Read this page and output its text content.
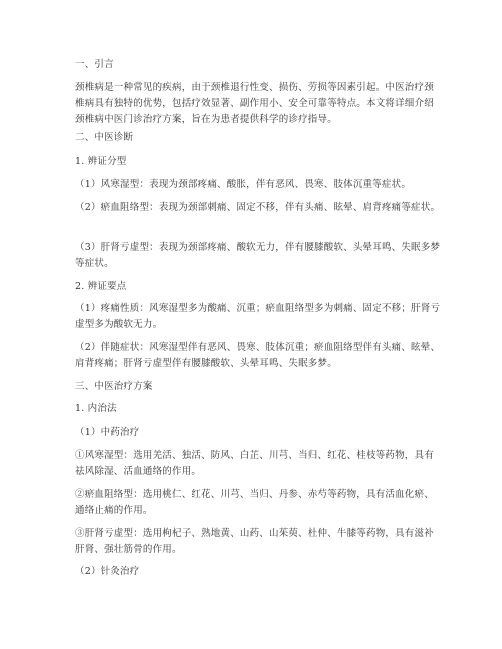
一、引言
颈椎病是一种常见的疾病，由于颈椎退行性变、损伤、劳损等因素引起。中医治疗颈椎病具有独特的优势，包括疗效显著、副作用小、安全可靠等特点。本文将详细介绍颈椎病中医门诊治疗方案，旨在为患者提供科学的诊疗指导。
二、中医诊断
1. 辨证分型
（1）风寒湿型：表现为颈部疼痛、酸胀，伴有恶风、畏寒、肢体沉重等症状。
（2）瘀血阻络型：表现为颈部刺痛、固定不移，伴有头痛、眩晕、肩背疼痛等症状。
（3）肝肾亏虚型：表现为颈部疼痛、酸软无力，伴有腰膝酸软、头晕耳鸣、失眠多梦等症状。
2. 辨证要点
（1）疼痛性质：风寒湿型多为酸痛、沉重；瘀血阻络型多为刺痛、固定不移；肝肾亏虚型多为酸软无力。
（2）伴随症状：风寒湿型伴有恶风、畏寒、肢体沉重；瘀血阻络型伴有头痛、眩晕、肩背疼痛；肝肾亏虚型伴有腰膝酸软、头晕耳鸣、失眠多梦。
三、中医治疗方案
1. 内治法
（1）中药治疗
①风寒湿型：选用羌活、独活、防风、白芷、川芎、当归、红花、桂枝等药物，具有祛风除湿、活血通络的作用。
②瘀血阻络型：选用桃仁、红花、川芎、当归、丹参、赤芍等药物，具有活血化瘀、通络止痛的作用。
③肝肾亏虚型：选用枸杞子、熟地黄、山药、山茱萸、杜仲、牛膝等药物，具有滋补肝肾、强壮筋骨的作用。
（2）针灸治疗
